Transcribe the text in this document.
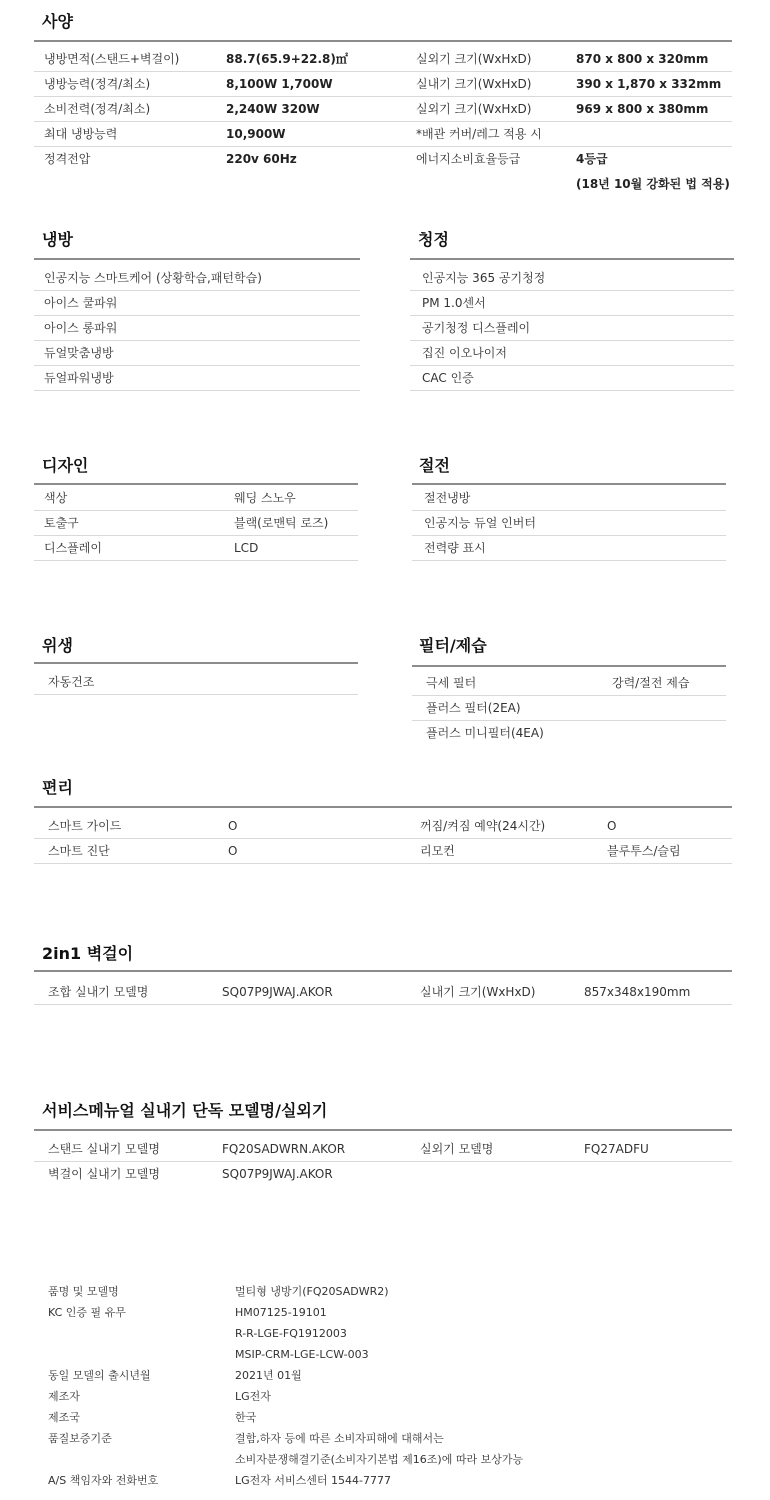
사양
냉방면적(스탠드+벽걸이)	88.7(65.9+22.8)㎡	실외기 크기(WxHxD)	870 x 800 x 320mm
냉방능력(정격/최소)	8,100W 1,700W	실내기 크기(WxHxD)	390 x 1,870 x 332mm
소비전력(정격/최소)	2,240W 320W	실외기 크기(WxHxD)	969 x 800 x 380mm
최대 냉방능력	10,900W	*배관 커버/레그 적용 시
정격전압	220v 60Hz	에너지소비효율등급	4등급
(18년 10월 강화된 법 적용)
냉방
인공지능 스마트케어 (상황학습,패턴학습)
아이스 쿨파워
아이스 롱파워
듀얼맞춤냉방
듀얼파워냉방
청정
인공지능 365 공기청정
PM 1.0센서
공기청정 디스플레이
집진 이오나이저
CAC 인증
디자인
색상	웨딩 스노우
토출구	블랙(로맨틱 로즈)
디스플레이	LCD
절전
절전냉방
인공지능 듀얼 인버터
전력량 표시
위생
자동건조
필터/제습
극세 필터	강력/절전 제습
플러스 필터(2EA)
플러스 미니필터(4EA)
편리
스마트 가이드	O	꺼짐/켜짐 예약(24시간)	O
스마트 진단	O	리모컨	블루투스/슬림
2in1 벽걸이
조합 실내기 모델명	SQ07P9JWAJ.AKOR	실내기 크기(WxHxD)	857x348x190mm
서비스메뉴얼 실내기 단독 모델명/실외기
스탠드 실내기 모델명	FQ20SADWRN.AKOR	실외기 모델명	FQ27ADFU
벽걸이 실내기 모델명	SQ07P9JWAJ.AKOR
품명 및 모델명	멀티형 냉방기(FQ20SADWR2)
KC 인증 필 유무	HM07125-19101
R-R-LGE-FQ1912003
MSIP-CRM-LGE-LCW-003
동일 모델의 출시년월	2021년 01월
제조자	LG전자
제조국	한국
품질보증기준	결함,하자 등에 따른 소비자피해에 대해서는
소비자분쟁해결기준(소비자기본법 제16조)에 따라 보상가능
A/S 책임자와 전화번호	LG전자 서비스센터 1544-7777
